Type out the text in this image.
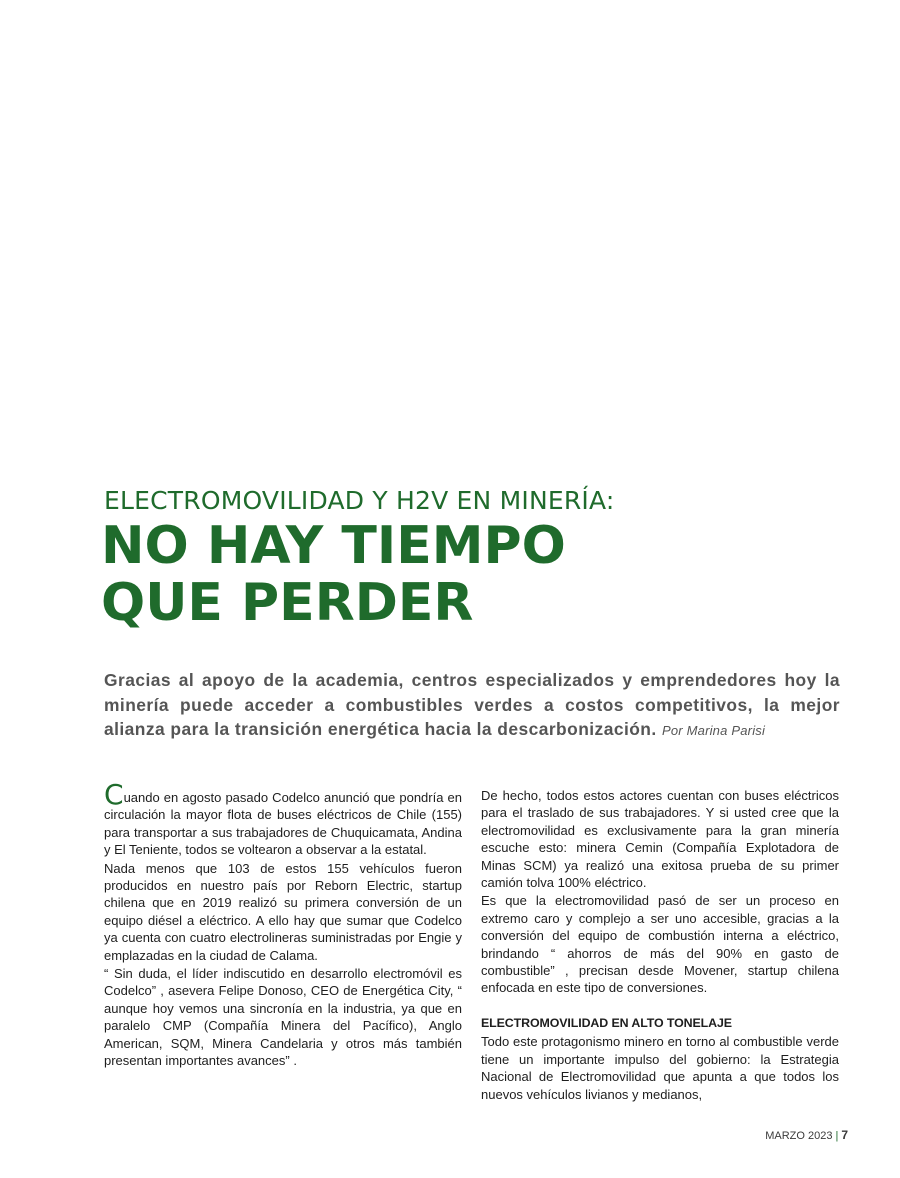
ELECTROMOVILIDAD Y H2V EN MINERÍA:
NO HAY TIEMPO
QUE PERDER
Gracias al apoyo de la academia, centros especializados y emprendedores hoy la minería puede acceder a combustibles verdes a costos competitivos, la mejor alianza para la transición energética hacia la descarbonización. Por Marina Parisi

Cuando en agosto pasado Codelco anunció que pondría en circulación la mayor flota de buses eléctricos de Chile (155) para transportar a sus trabajadores de Chuquicamata, Andina y El Teniente, todos se voltearon a observar a la estatal.

Nada menos que 103 de estos 155 vehículos fueron producidos en nuestro país por Reborn Electric, startup chilena que en 2019 realizó su primera conversión de un equipo diésel a eléctrico. A ello hay que sumar que Codelco ya cuenta con cuatro electrolineras suministradas por Engie y emplazadas en la ciudad de Calama.

“ Sin duda, el líder indiscutido en desarrollo electromóvil es Codelco” , asevera Felipe Donoso, CEO de Energética City, “ aunque hoy vemos una sincronía en la industria, ya que en paralelo CMP (Compañía Minera del Pacífico), Anglo American, SQM, Minera Candelaria y otros más también presentan importantes avances” .

De hecho, todos estos actores cuentan con buses eléctricos para el traslado de sus trabajadores. Y si usted cree que la electromovilidad es exclusivamente para la gran minería escuche esto: minera Cemin (Compañía Explotadora de Minas SCM) ya realizó una exitosa prueba de su primer camión tolva 100% eléctrico.

Es que la electromovilidad pasó de ser un proceso en extremo caro y complejo a ser uno accesible, gracias a la conversión del equipo de combustión interna a eléctrico, brindando “ ahorros de más del 90% en gasto de combustible” , precisan desde Movener, startup chilena enfocada en este tipo de conversiones.

ELECTROMOVILIDAD EN ALTO TONELAJE

Todo este protagonismo minero en torno al combustible verde tiene un importante impulso del gobierno: la Estrategia Nacional de Electromovilidad que apunta a que todos los nuevos vehículos livianos y medianos,

MARZO 2023 | 7
